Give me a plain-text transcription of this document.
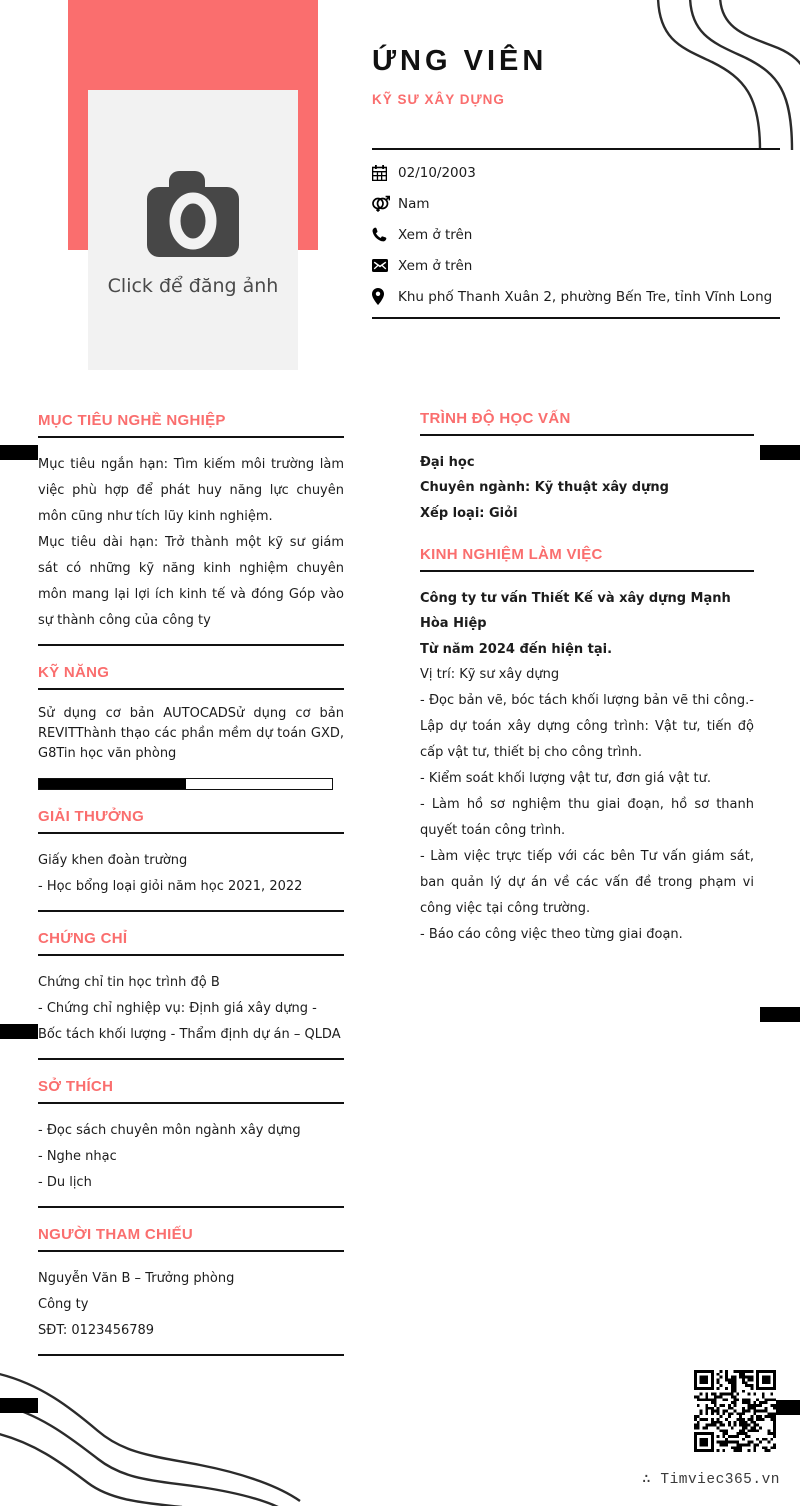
Click để đăng ảnh
ỨNG VIÊN
KỸ SƯ XÂY DỰNG
02/10/2003
Nam
Xem ở trên
Xem ở trên
Khu phố Thanh Xuân 2, phường Bến Tre, tỉnh Vĩnh Long
MỤC TIÊU NGHỀ NGHIỆP
Mục tiêu ngắn hạn: Tìm kiếm môi trường làm việc phù hợp để phát huy năng lực chuyên môn cũng như tích lũy kinh nghiệm.
Mục tiêu dài hạn: Trở thành một kỹ sư giám sát có những kỹ năng kinh nghiệm chuyên môn mang lại lợi ích kinh tế và đóng Góp vào sự thành công của công ty
KỸ NĂNG
Sử dụng cơ bản AUTOCADSử dụng cơ bản REVITThành thạo các phần mềm dự toán GXD, G8Tin học văn phòng
GIẢI THƯỞNG
Giấy khen đoàn trường
- Học bổng loại giỏi năm học 2021, 2022
CHỨNG CHỈ
Chứng chỉ tin học trình độ B
- Chứng chỉ nghiệp vụ: Định giá xây dựng - Bốc tách khối lượng - Thẩm định dự án – QLDA
SỞ THÍCH
- Đọc sách chuyên môn ngành xây dựng
- Nghe nhạc
- Du lịch
NGƯỜI THAM CHIẾU
Nguyễn Văn B – Trưởng phòng
Công ty
SĐT: 0123456789
TRÌNH ĐỘ HỌC VẤN
Đại học
Chuyên ngành: Kỹ thuật xây dựng
Xếp loại: Giỏi
KINH NGHIỆM LÀM VIỆC
Công ty tư vấn Thiết Kế và xây dựng Mạnh Hòa Hiệp
Từ năm 2024 đến hiện tại.
Vị trí: Kỹ sư xây dựng
- Đọc bản vẽ, bóc tách khối lượng bản vẽ thi công.- Lập dự toán xây dựng công trình: Vật tư, tiến độ cấp vật tư, thiết bị cho công trình.
- Kiểm soát khối lượng vật tư, đơn giá vật tư.
- Làm hồ sơ nghiệm thu giai đoạn, hồ sơ thanh quyết toán công trình.
- Làm việc trực tiếp với các bên Tư vấn giám sát, ban quản lý dự án về các vấn đề trong phạm vi công việc tại công trường.
- Báo cáo công việc theo từng giai đoạn.
∴ Timviec365.vn
